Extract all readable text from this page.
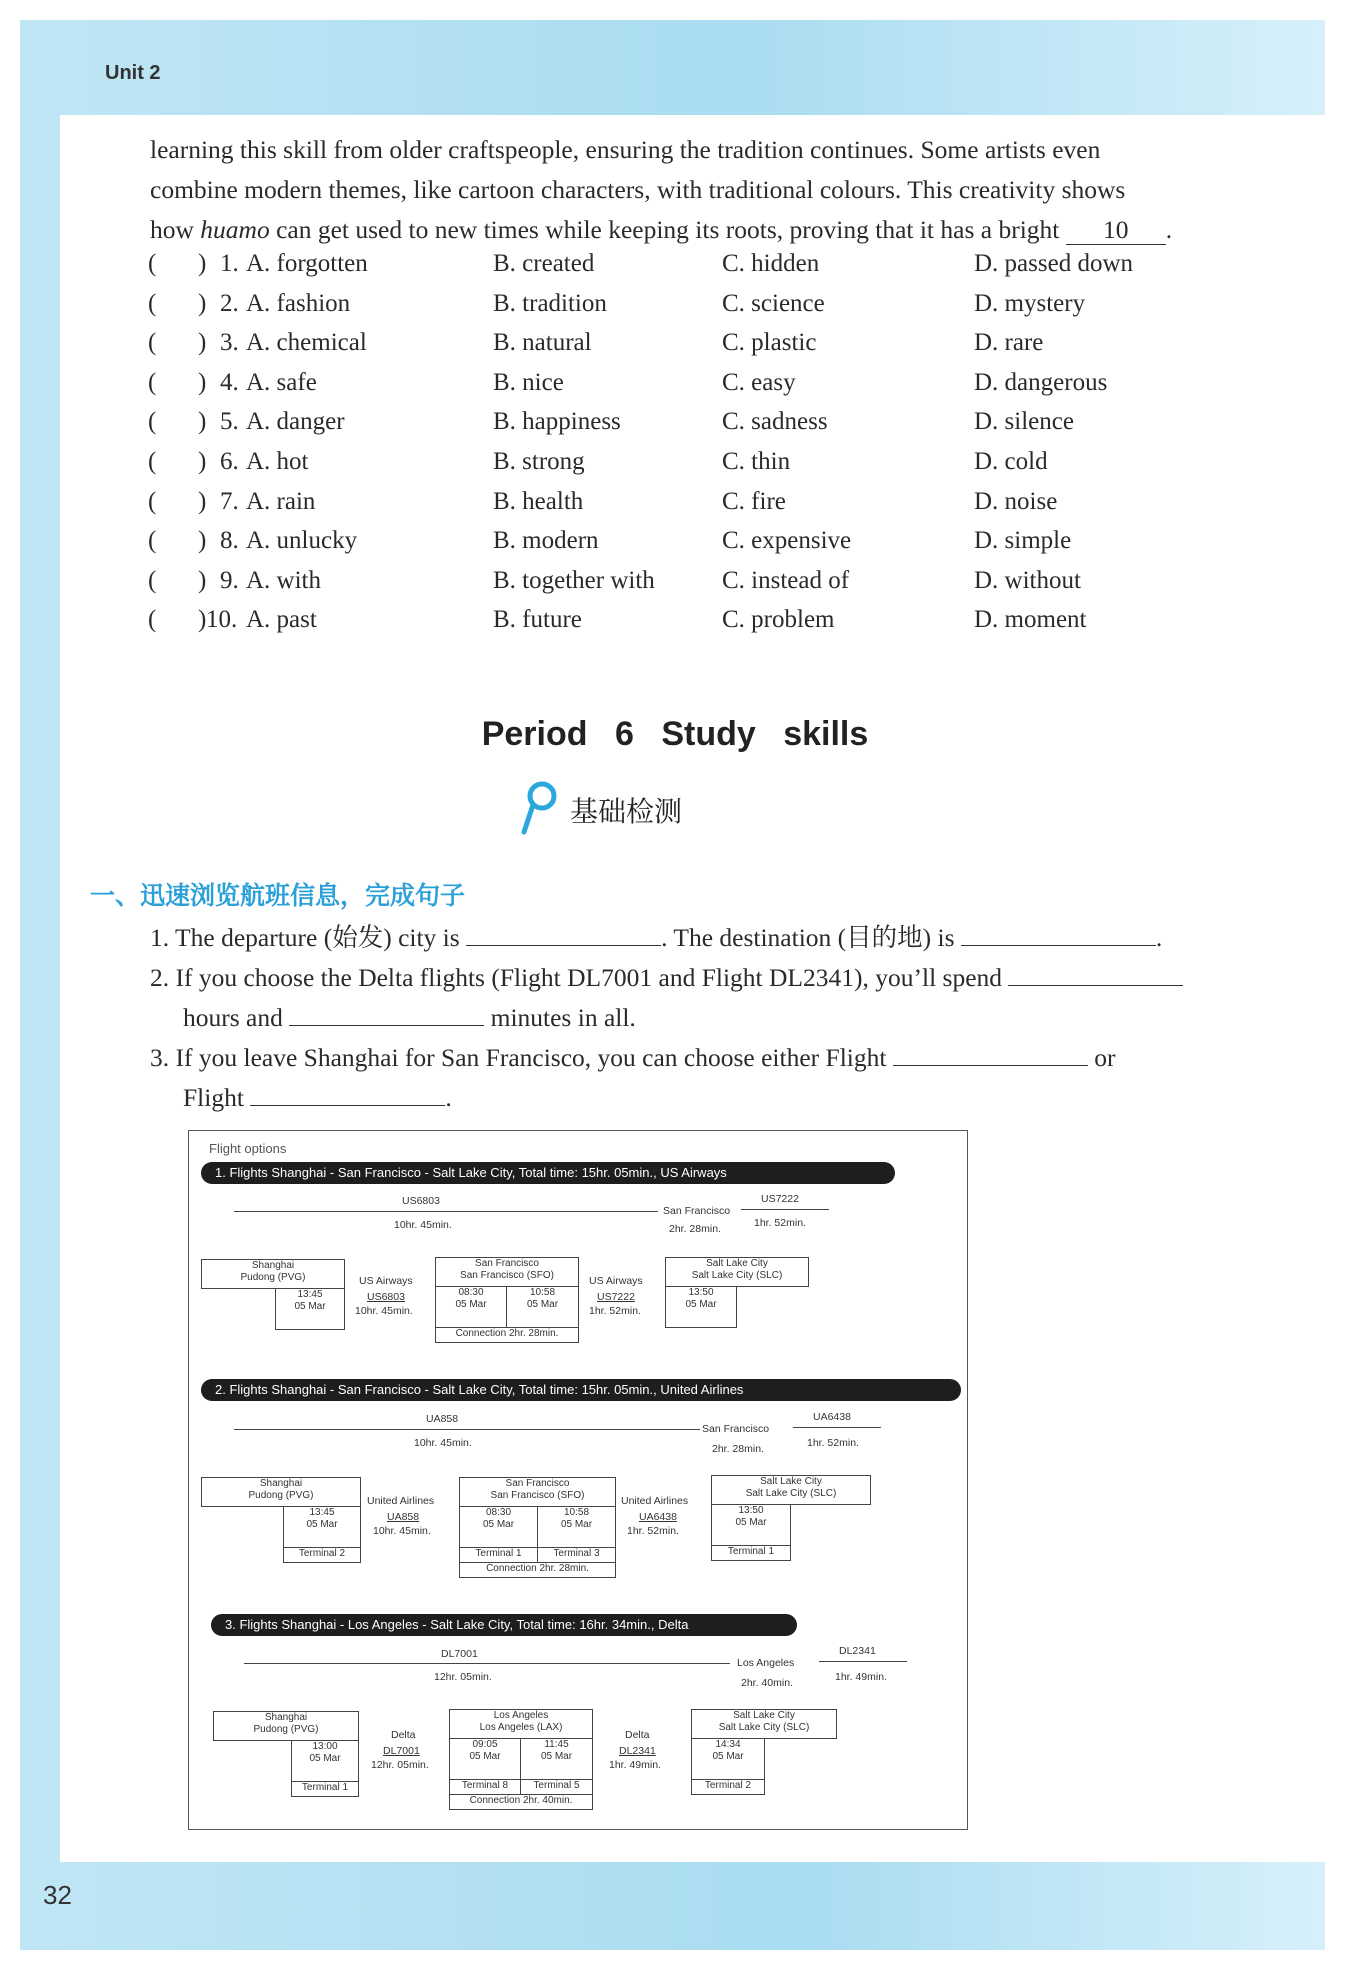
Unit 2
32
learning this skill from older craftspeople, ensuring the tradition continues. Some artists even
combine modern themes, like cartoon characters, with traditional colours. This creativity shows
how huamo can get used to new times while keeping its roots, proving that it has a bright 10 .
( ) 1. A. forgotten	B. created	C. hidden	D. passed down
( ) 2. A. fashion	B. tradition	C. science	D. mystery
( ) 3. A. chemical	B. natural	C. plastic	D. rare
( ) 4. A. safe	B. nice	C. easy	D. dangerous
( ) 5. A. danger	B. happiness	C. sadness	D. silence
( ) 6. A. hot	B. strong	C. thin	D. cold
( ) 7. A. rain	B. health	C. fire	D. noise
( ) 8. A. unlucky	B. modern	C. expensive	D. simple
( ) 9. A. with	B. together with	C. instead of	D. without
( ) 10. A. past	B. future	C. problem	D. moment
Period 6 Study skills
基础检测
一、迅速浏览航班信息，完成句子
1. The departure (始发) city is	. The destination (目的地) is	.
2. If you choose the Delta flights (Flight DL7001 and Flight DL2341), you’ll spend
hours and	minutes in all.
3. If you leave Shanghai for San Francisco, you can choose either Flight	or
Flight	.
Flight options
1. Flights Shanghai - San Francisco - Salt Lake City, Total time: 15hr. 05min., US Airways
US6803
10hr. 45min.
San Francisco
2hr. 28min.
US7222
1hr. 52min.
Shanghai
Pudong (PVG)
13:45
05 Mar
US Airways
US6803
10hr. 45min.
San Francisco
San Francisco (SFO)
08:30
05 Mar
10:58
05 Mar
Connection 2hr. 28min.
US Airways
US7222
1hr. 52min.
Salt Lake City
Salt Lake City (SLC)
13:50
05 Mar
2. Flights Shanghai - San Francisco - Salt Lake City, Total time: 15hr. 05min., United Airlines
UA858
10hr. 45min.
San Francisco
2hr. 28min.
UA6438
1hr. 52min.
Shanghai
Pudong (PVG)
13:45
05 Mar
Terminal 2
United Airlines
UA858
10hr. 45min.
San Francisco
San Francisco (SFO)
08:30
05 Mar
10:58
05 Mar
Terminal 1	Terminal 3
Connection 2hr. 28min.
United Airlines
UA6438
1hr. 52min.
Salt Lake City
Salt Lake City (SLC)
13:50
05 Mar
Terminal 1
3. Flights Shanghai - Los Angeles - Salt Lake City, Total time: 16hr. 34min., Delta
DL7001
12hr. 05min.
Los Angeles
2hr. 40min.
DL2341
1hr. 49min.
Shanghai
Pudong (PVG)
13:00
05 Mar
Terminal 1
Delta
DL7001
12hr. 05min.
Los Angeles
Los Angeles (LAX)
09:05
05 Mar
11:45
05 Mar
Terminal 8	Terminal 5
Connection 2hr. 40min.
Delta
DL2341
1hr. 49min.
Salt Lake City
Salt Lake City (SLC)
14:34
05 Mar
Terminal 2
